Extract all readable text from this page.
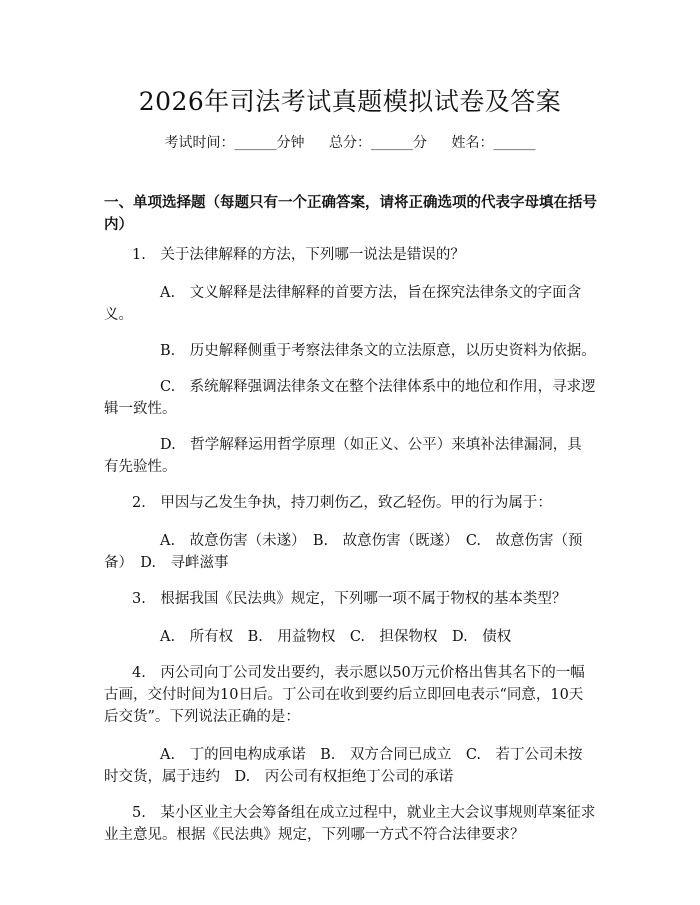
2026年司法考试真题模拟试卷及答案
考试时间：______分钟 总分：______分 姓名：______
一、单项选择题（每题只有一个正确答案，请将正确选项的代表字母填在括号内）

1.　关于法律解释的方法，下列哪一说法是错误的？

A.　文义解释是法律解释的首要方法，旨在探究法律条文的字面含义。

B.　历史解释侧重于考察法律条文的立法原意，以历史资料为依据。

C.　系统解释强调法律条文在整个法律体系中的地位和作用，寻求逻辑一致性。

D.　哲学解释运用哲学原理（如正义、公平）来填补法律漏洞，具有先验性。

2.　甲因与乙发生争执，持刀刺伤乙，致乙轻伤。甲的行为属于：

A.　故意伤害（未遂）　B.　故意伤害（既遂）　C.　故意伤害（预备）　D.　寻衅滋事

3.　根据我国《民法典》规定，下列哪一项不属于物权的基本类型？

A.　所有权　B.　用益物权　C.　担保物权　D.　债权

4.　丙公司向丁公司发出要约，表示愿以50万元价格出售其名下的一幅古画，交付时间为10日后。丁公司在收到要约后立即回电表示“同意，10天后交货”。下列说法正确的是：

A.　丁的回电构成承诺　B.　双方合同已成立　C.　若丁公司未按时交货，属于违约　D.　丙公司有权拒绝丁公司的承诺

5.　某小区业主大会筹备组在成立过程中，就业主大会议事规则草案征求业主意见。根据《民法典》规定，下列哪一方式不符合法律要求？
